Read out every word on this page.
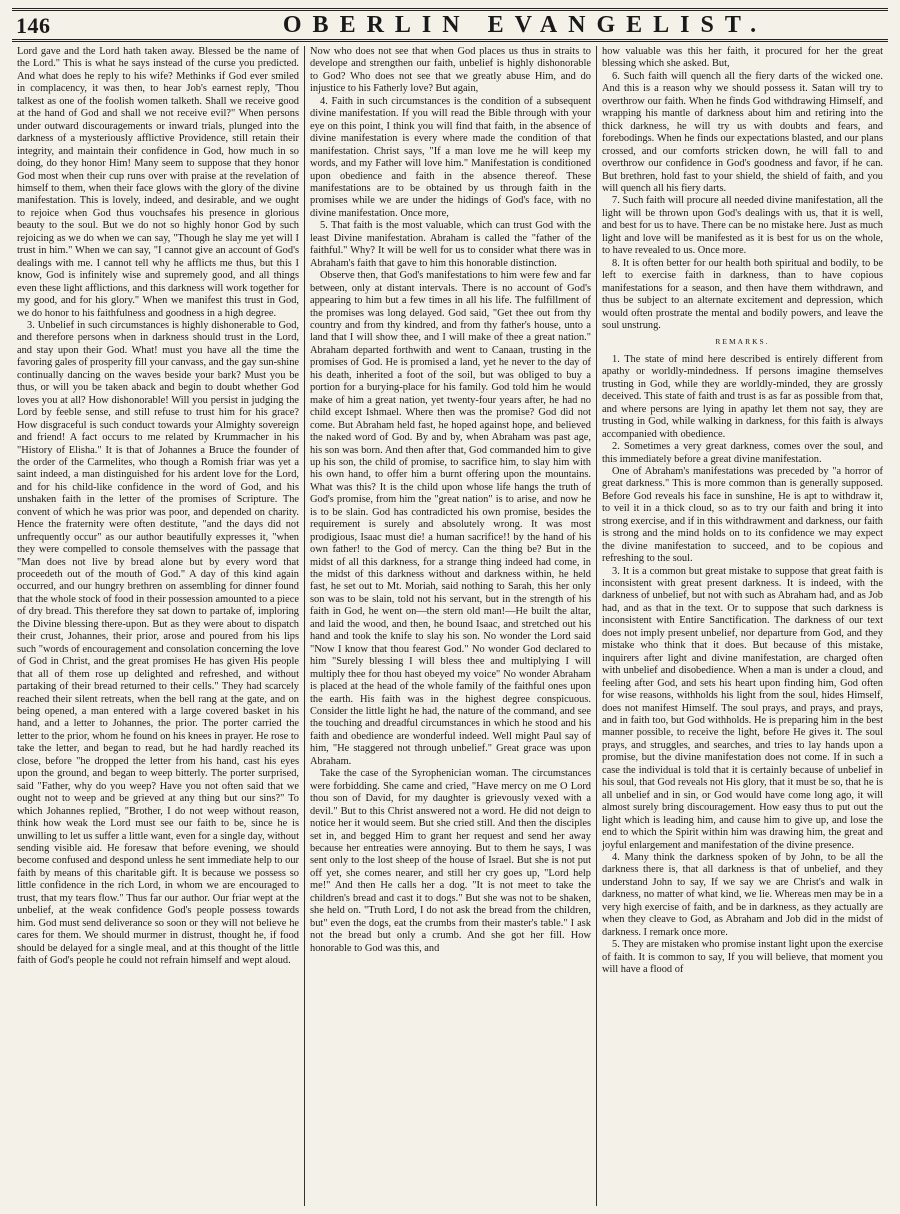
146	OBERLIN EVANGELIST.

Lord gave and the Lord hath taken away. Blessed be the name of the Lord." This is what he says instead of the curse you predicted. And what does he reply to his wife? Methinks if God ever smiled in complacency, it was then, to hear Job's earnest reply, 'Thou talkest as one of the foolish women talketh. Shall we receive good at the hand of God and shall we not receive evil?" When persons under outward discouragements or inward trials, plunged into the darkness of a mysteriously afflictive Providence, still retain their integrity, and maintain their confidence in God, how much in so doing, do they honor Him! Many seem to suppose that they honor God most when their cup runs over with praise at the revelation of himself to them, when their face glows with the glory of the divine manifestation. This is lovely, indeed, and desirable, and we ought to rejoice when God thus vouchsafes his presence in glorious beauty to the soul. But we do not so highly honor God by such rejoicing as we do when we can say, "Though he slay me yet will I trust in him." When we can say, "I cannot give an account of God's dealings with me. I cannot tell why he afflicts me thus, but this I know, God is infinitely wise and supremely good, and all things even these light afflictions, and this darkness will work together for my good, and for his glory." When we manifest this trust in God, we do honor to his faithfulness and goodness in a high degree.

3. Unbelief in such circumstances is highly dishonerable to God, and therefore persons when in darkness should trust in the Lord, and stay upon their God. What! must you have all the time the favoring gales of prosperity fill your canvass, and the gay sun-shine continually dancing on the waves beside your bark? Must you be thus, or will you be taken aback and begin to doubt whether God loves you at all? How dishonorable! Will you persist in judging the Lord by feeble sense, and still refuse to trust him for his grace? How disgraceful is such conduct towards your Almighty sovereign and friend! A fact occurs to me related by Krummacher in his "History of Elisha." It is that of Johannes a Bruce the founder of the order of the Carmelites, who though a Romish friar was yet a saint indeed, a man distinguished for his ardent love for the Lord, and for his child-like confidence in the word of God, and his unshaken faith in the letter of the promises of Scripture. The convent of which he was prior was poor, and depended on charity. Hence the fraternity were often destitute, "and the days did not unfrequently occur" as our author beautifully expresses it, "when they were compelled to console themselves with the passage that "Man does not live by bread alone but by every word that proceedeth out of the mouth of God." A day of this kind again occurred, and our hungry brethren on assembling for dinner found that the whole stock of food in their possession amounted to a piece of dry bread. This therefore they sat down to partake of, imploring the Divine blessing there-upon. But as they were about to dispatch their crust, Johannes, their prior, arose and poured from his lips such "words of encouragement and consolation concerning the love of God in Christ, and the great promises He has given His people that all of them rose up delighted and refreshed, and without partaking of their bread returned to their cells." They had scarcely reached their silent retreats, when the bell rang at the gate, and on being opened, a man entered with a large covered basket in his hand, and a letter to Johannes, the prior. The porter carried the letter to the prior, whom he found on his knees in prayer. He rose to take the letter, and began to read, but he had hardly reached its close, before "he dropped the letter from his hand, cast his eyes upon the ground, and began to weep bitterly. The porter surprised, said "Father, why do you weep? Have you not often said that we ought not to weep and be grieved at any thing but our sins?" To which Johannes replied, "Brother, I do not weep without reason, think how weak the Lord must see our faith to be, since he is unwilling to let us suffer a little want, even for a single day, without sending visible aid. He foresaw that before evening, we should become confused and despond unless he sent immediate help to our faith by means of this charitable gift. It is because we possess so little confidence in the rich Lord, in whom we are encouraged to trust, that my tears flow." Thus far our author. Our friar wept at the unbelief, at the weak confidence God's people possess towards him. God must send deliverance so soon or they will not believe he cares for them. We should murmer in distrust, thought he, if food should be delayed for a single meal, and at this thought of the little faith of God's people he could not refrain himself and wept aloud.

Now who does not see that when God places us thus in straits to develope and strengthen our faith, unbelief is highly dishonorable to God? Who does not see that we greatly abuse Him, and do injustice to his Fatherly love? But again,

4. Faith in such circumstances is the condition of a subsequent divine manifestation. If you will read the Bible through with your eye on this point, I think you will find that faith, in the absence of divine manifestation is every where made the condition of that manifestation. Christ says, "If a man love me he will keep my words, and my Father will love him." Manifestation is conditioned upon obedience and faith in the absence thereof. These manifestations are to be obtained by us through faith in the promises while we are under the hidings of God's face, with no divine manifestation. Once more,

5. That faith is the most valuable, which can trust God with the least Divine manifestation. Abraham is called the "father of the faithful." Why? It will be well for us to consider what there was in Abraham's faith that gave to him this honorable distinction.

Observe then, that God's manifestations to him were few and far between, only at distant intervals. There is no account of God's appearing to him but a few times in all his life. The fulfillment of the promises was long delayed. God said, "Get thee out from thy country and from thy kindred, and from thy father's house, unto a land that I will show thee, and I will make of thee a great nation." Abraham departed forthwith and went to Canaan, trusting in the promises of God. He is promised a land, yet he never to the day of his death, inherited a foot of the soil, but was obliged to buy a portion for a burying-place for his family. God told him he would make of him a great nation, yet twenty-four years after, he had no child except Ishmael. Where then was the promise? God did not come. But Abraham held fast, he hoped against hope, and believed the naked word of God. By and by, when Abraham was past age, his son was born. And then after that, God commanded him to give up his son, the child of promise, to sacrifice him, to slay him with his own hand, to offer him a burnt offering upon the mountains. What was this? It is the child upon whose life hangs the truth of God's promise, from him the "great nation" is to arise, and now he is to be slain. God has contradicted his own promise, besides the requirement is surely and absolutely wrong. It was most prodigious, Isaac must die! a human sacrifice!! by the hand of his own father! to the God of mercy. Can the thing be? But in the midst of all this darkness, for a strange thing indeed had come, in the midst of this darkness without and darkness within, he held fast, he set out to Mt. Moriah, said nothing to Sarah, this her only son was to be slain, told not his servant, but in the strength of his faith in God, he went on—the stern old man!—He built the altar, and laid the wood, and then, he bound Isaac, and stretched out his hand and took the knife to slay his son. No wonder the Lord said "Now I know that thou fearest God." No wonder God declared to him "Surely blessing I will bless thee and multiplying I will multiply thee for thou hast obeyed my voice" No wonder Abraham is placed at the head of the whole family of the faithful ones upon the earth. His faith was in the highest degree conspicuous. Consider the little light he had, the nature of the command, and see the touching and dreadful circumstances in which he stood and his faith and obedience are wonderful indeed. Well might Paul say of him, "He staggered not through unbelief." Great grace was upon Abraham.

Take the case of the Syrophenician woman. The circumstances were forbidding. She came and cried, "Have mercy on me O Lord thou son of David, for my daughter is grievously vexed with a devil." But to this Christ answered not a word. He did not deign to notice her it would seem. But she cried still. And then the disciples set in, and begged Him to grant her request and send her away because her entreaties were annoying. But to them he says, I was sent only to the lost sheep of the house of Israel. But she is not put off yet, she comes nearer, and still her cry goes up, "Lord help me!" And then He calls her a dog. "It is not meet to take the children's bread and cast it to dogs." But she was not to be shaken, she held on. "Truth Lord, I do not ask the bread from the children, but" even the dogs, eat the crumbs from their master's table." I ask not the bread but only a crumb. And she got her fill. How honorable to God was this, and

how valuable was this her faith, it procured for her the great blessing which she asked. But,

6. Such faith will quench all the fiery darts of the wicked one. And this is a reason why we should possess it. Satan will try to overthrow our faith. When he finds God withdrawing Himself, and wrapping his mantle of darkness about him and retiring into the thick darkness, he will try us with doubts and fears, and forebodings. When he finds our expectations blasted, and our plans crossed, and our comforts stricken down, he will fall to and overthrow our confidence in God's goodness and favor, if he can. But brethren, hold fast to your shield, the shield of faith, and you will quench all his fiery darts.

7. Such faith will procure all needed divine manifestation, all the light will be thrown upon God's dealings with us, that it is well, and best for us to have. There can be no mistake here. Just as much light and love will be manifested as it is best for us on the whole, to have revealed to us. Once more.

8. It is often better for our health both spiritual and bodily, to be left to exercise faith in darkness, than to have copious manifestations for a season, and then have them withdrawn, and thus be subject to an alternate excitement and depression, which would often prostrate the mental and bodily powers, and leave the soul unstrung.

REMARKS.

1. The state of mind here described is entirely different from apathy or worldly-mindedness. If persons imagine themselves trusting in God, while they are worldly-minded, they are grossly deceived. This state of faith and trust is as far as possible from that, and where persons are lying in apathy let them not say, they are trusting in God, while walking in darkness, for this faith is always accompanied with obedience.

2. Sometimes a very great darkness, comes over the soul, and this immediately before a great divine manifestation.

One of Abraham's manifestations was preceded by "a horror of great darkness." This is more common than is generally supposed. Before God reveals his face in sunshine, He is apt to withdraw it, to veil it in a thick cloud, so as to try our faith and bring it into strong exercise, and if in this withdrawment and darkness, our faith is strong and the mind holds on to its confidence we may expect the divine manifestation to succeed, and to be copious and refreshing to the soul.

3. It is a common but great mistake to suppose that great faith is inconsistent with great present darkness. It is indeed, with the darkness of unbelief, but not with such as Abraham had, and as Job had, and as that in the text. Or to suppose that such darkness is inconsistent with Entire Sanctification. The darkness of our text does not imply present unbelief, nor departure from God, and they mistake who think that it does. But because of this mistake, inquirers after light and divine manifestation, are charged often with unbelief and disobedience. When a man is under a cloud, and feeling after God, and sets his heart upon finding him, God often for wise reasons, withholds his light from the soul, hides Himself, does not manifest Himself. The soul prays, and prays, and prays, and in faith too, but God withholds. He is preparing him in the best manner possible, to receive the light, before He gives it. The soul prays, and struggles, and searches, and tries to lay hands upon a promise, but the divine manifestation does not come. If in such a case the individual is told that it is certainly because of unbelief in his soul, that God reveals not His glory, that it must be so, that he is all unbelief and in sin, or God would have come long ago, it will almost surely bring discouragement. How easy thus to put out the light which is leading him, and cause him to give up, and lose the end to which the Spirit within him was drawing him, the great and joyful enlargement and manifestation of the divine presence.

4. Many think the darkness spoken of by John, to be all the darkness there is, that all darkness is that of unbelief, and they understand John to say, If we say we are Christ's and walk in darkness, no matter of what kind, we lie. Whereas men may be in a very high exercise of faith, and be in darkness, as they actually are when they cleave to God, as Abraham and Job did in the midst of darkness. I remark once more.

5. They are mistaken who promise instant light upon the exercise of faith. It is common to say, If you will believe, that moment you will have a flood of
